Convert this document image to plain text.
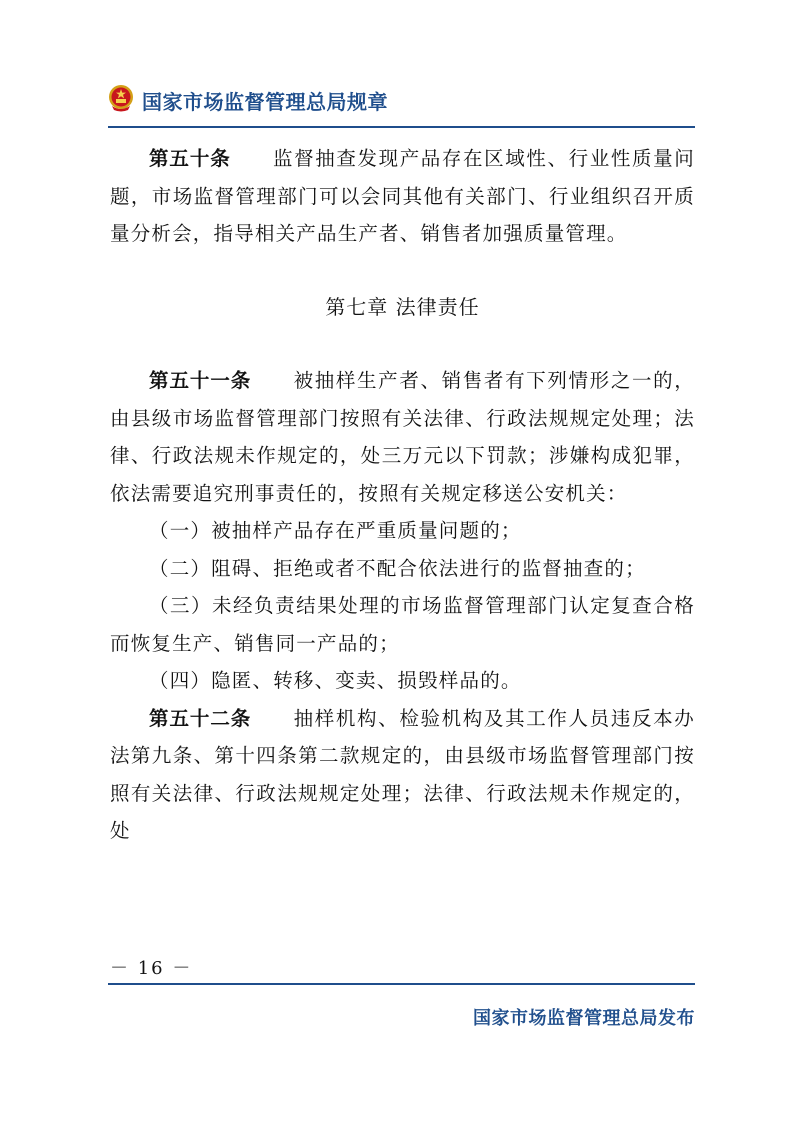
国家市场监督管理总局规章

第五十条　　 监督抽查发现产品存在区域性、行业性质量问题，市场监督管理部门可以会同其他有关部门、行业组织召开质量分析会，指导相关产品生产者、销售者加强质量管理。

第七章 法律责任

第五十一条　　 被抽样生产者、销售者有下列情形之一的，由县级市场监督管理部门按照有关法律、行政法规规定处理；法律、行政法规未作规定的，处三万元以下罚款；涉嫌构成犯罪，依法需要追究刑事责任的，按照有关规定移送公安机关：

（一）被抽样产品存在严重质量问题的；

（二）阻碍、拒绝或者不配合依法进行的监督抽查的；

（三）未经负责结果处理的市场监督管理部门认定复查合格而恢复生产、销售同一产品的；

（四）隐匿、转移、变卖、损毁样品的。

第五十二条　　 抽样机构、检验机构及其工作人员违反本办法第九条、第十四条第二款规定的，由县级市场监督管理部门按照有关法律、行政法规规定处理；法律、行政法规未作规定的，处

－ 16 －
国家市场监督管理总局发布
